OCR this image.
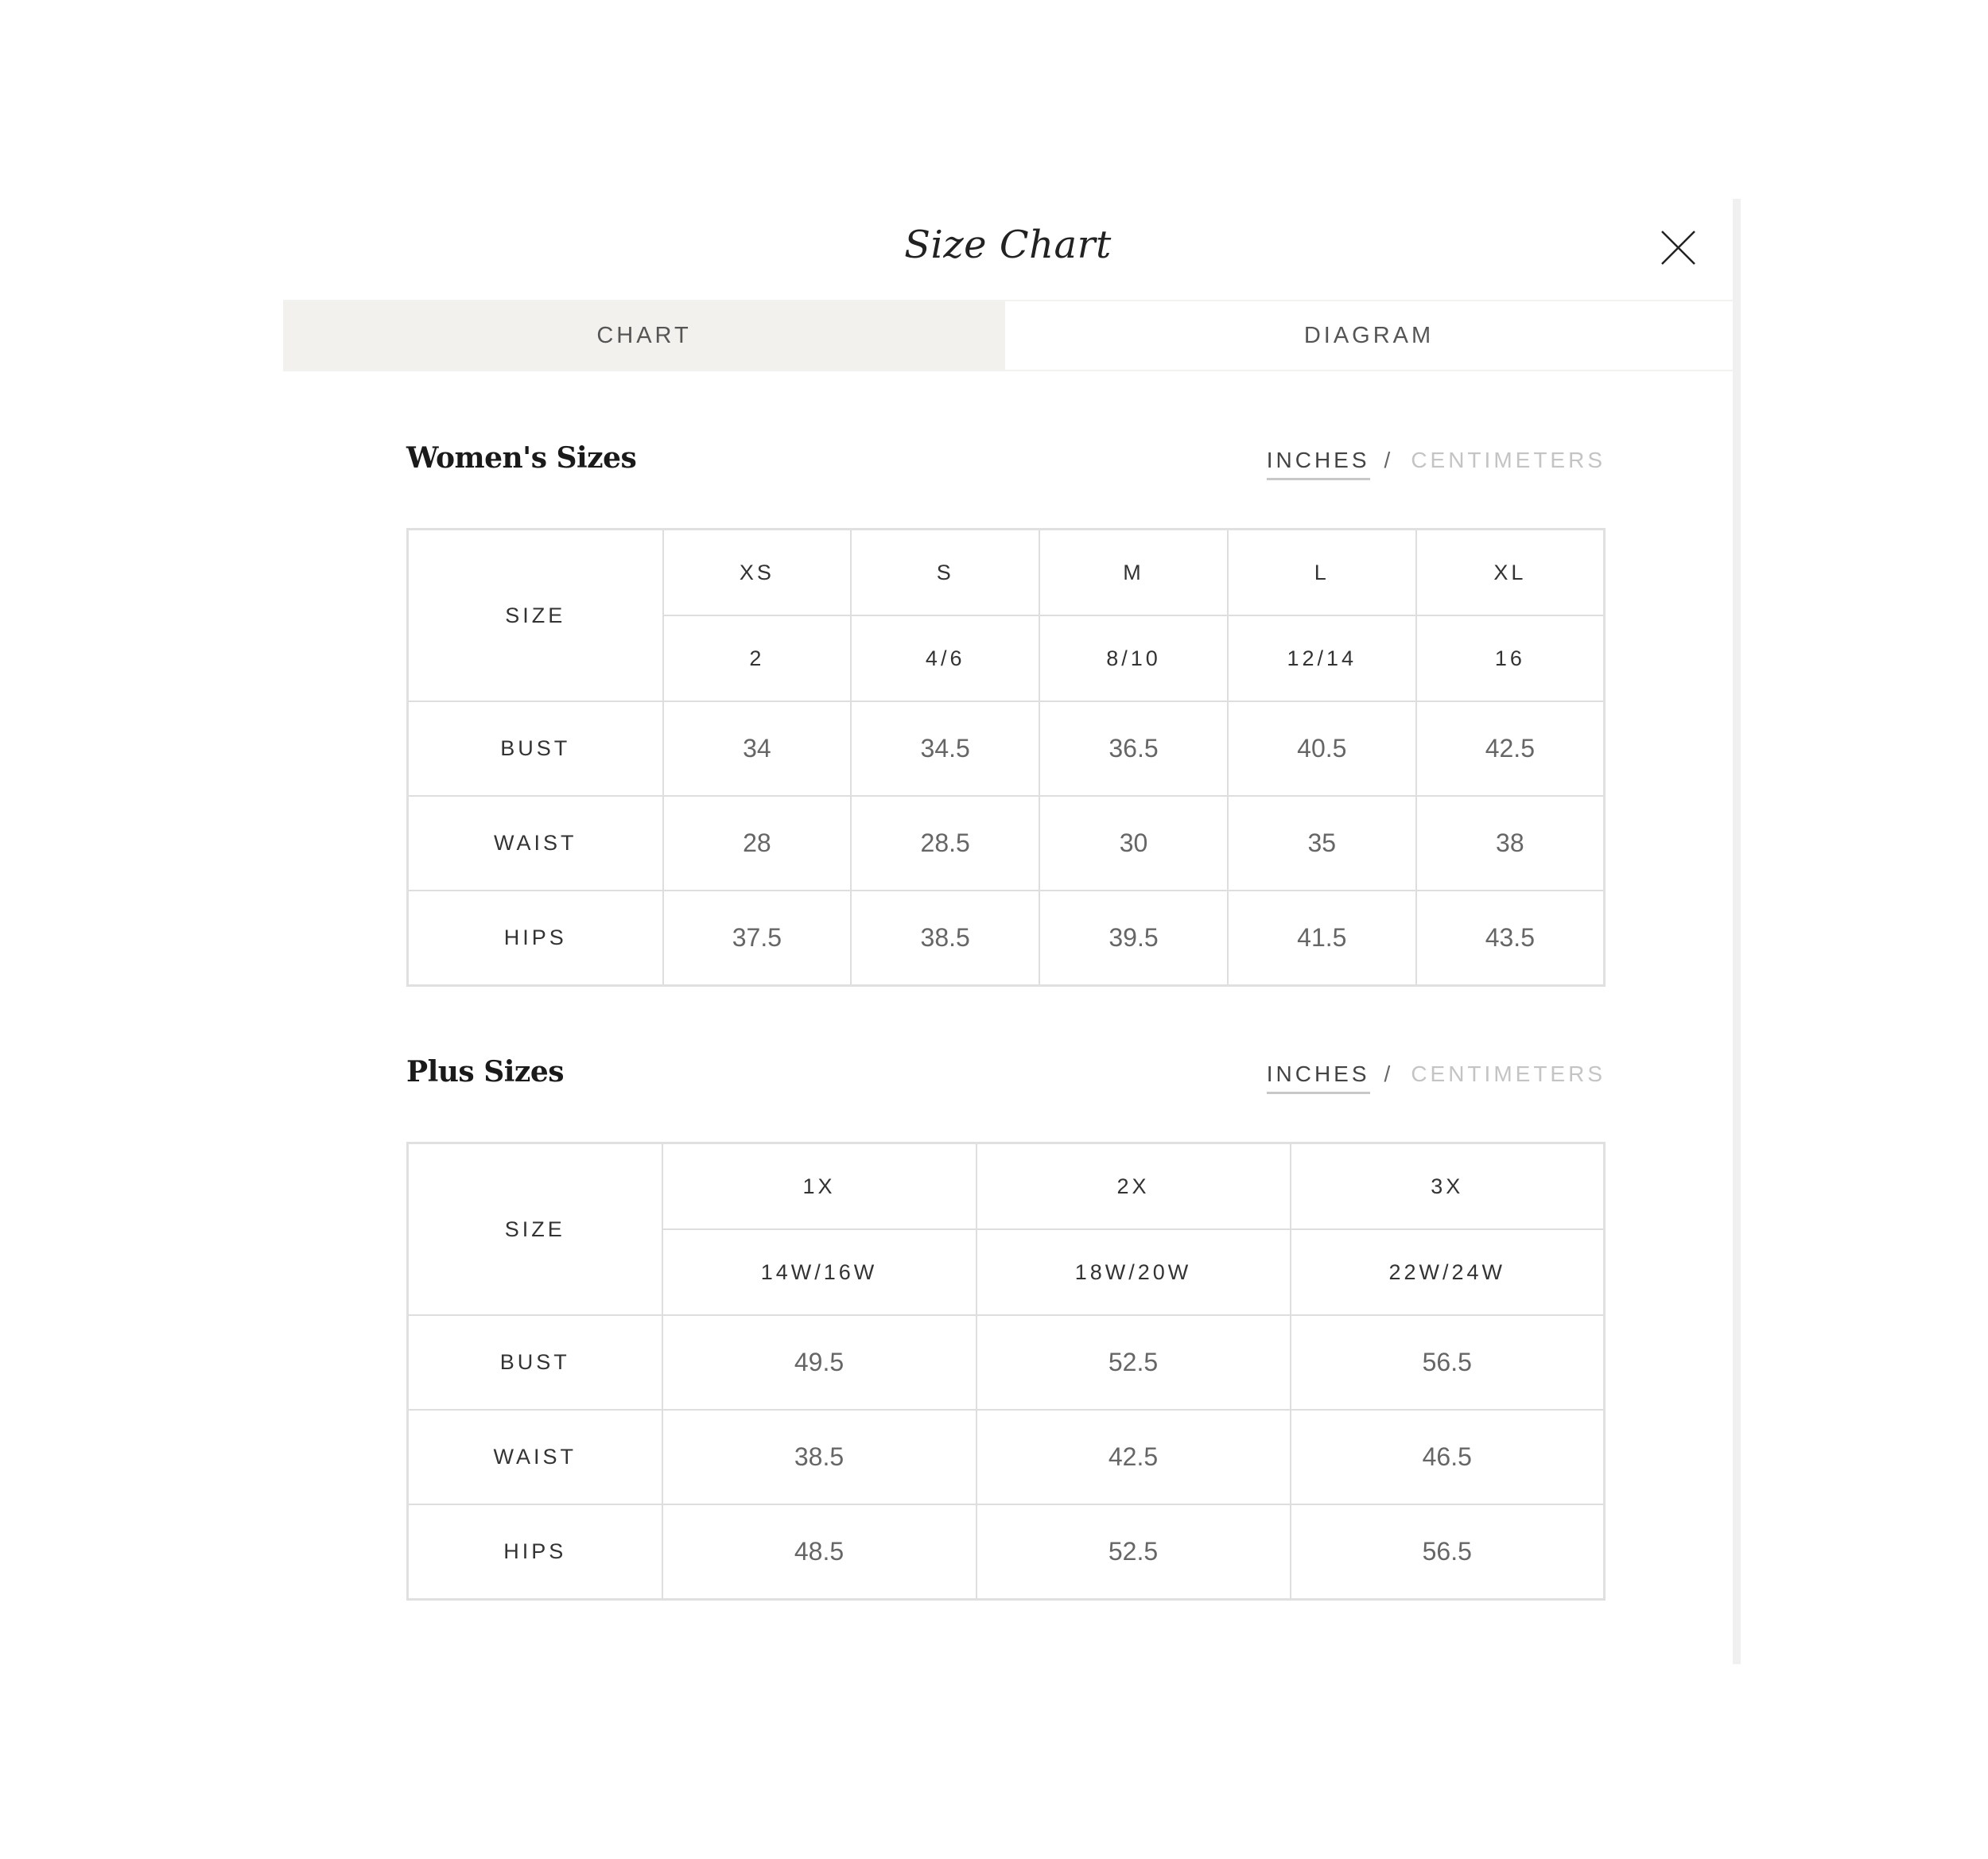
Size Chart
CHART	DIAGRAM
Women's Sizes	INCHES / CENTIMETERS
SIZE	XS	S	M	L	XL
	2	4/6	8/10	12/14	16
BUST	34	34.5	36.5	40.5	42.5
WAIST	28	28.5	30	35	38
HIPS	37.5	38.5	39.5	41.5	43.5
Plus Sizes	INCHES / CENTIMETERS
SIZE	1X	2X	3X
	14W/16W	18W/20W	22W/24W
BUST	49.5	52.5	56.5
WAIST	38.5	42.5	46.5
HIPS	48.5	52.5	56.5
